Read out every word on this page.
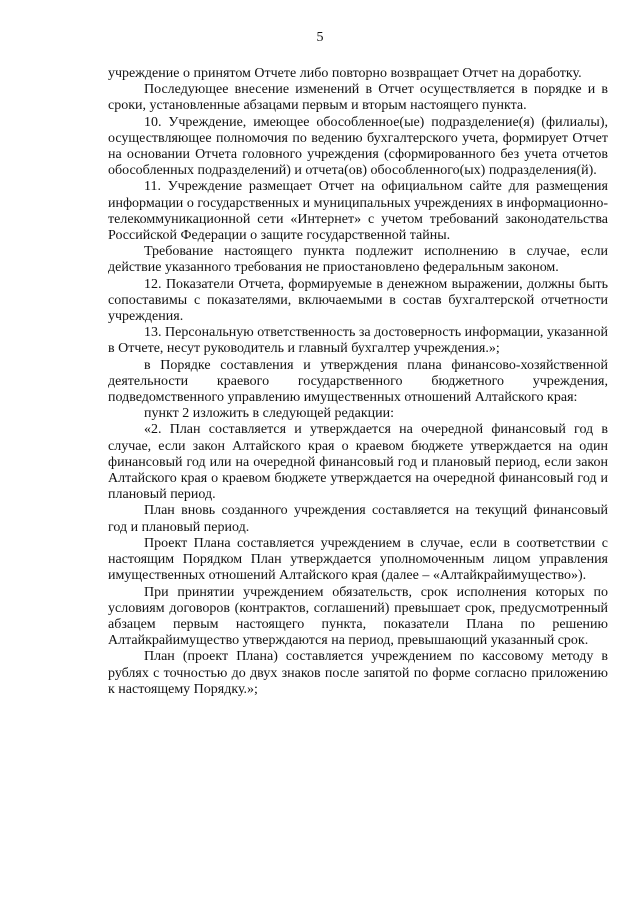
5

учреждение о принятом Отчете либо повторно возвращает Отчет на доработку.

Последующее внесение изменений в Отчет осуществляется в порядке и в сроки, установленные абзацами первым и вторым настоящего пункта.

10. Учреждение, имеющее обособленное(ые) подразделение(я) (филиалы), осуществляющее полномочия по ведению бухгалтерского учета, формирует Отчет на основании Отчета головного учреждения (сформированного без учета отчетов обособленных подразделений) и отчета(ов) обособленного(ых) подразделения(й).

11. Учреждение размещает Отчет на официальном сайте для размещения информации о государственных и муниципальных учреждениях в информационно-телекоммуникационной сети «Интернет» с учетом требований законодательства Российской Федерации о защите государственной тайны.

Требование настоящего пункта подлежит исполнению в случае, если действие указанного требования не приостановлено федеральным законом.

12. Показатели Отчета, формируемые в денежном выражении, должны быть сопоставимы с показателями, включаемыми в состав бухгалтерской отчетности учреждения.

13. Персональную ответственность за достоверность информации, указанной в Отчете, несут руководитель и главный бухгалтер учреждения.»;

в Порядке составления и утверждения плана финансово-хозяйственной деятельности краевого государственного бюджетного учреждения, подведомственного управлению имущественных отношений Алтайского края:

пункт 2 изложить в следующей редакции:

«2. План составляется и утверждается на очередной финансовый год в случае, если закон Алтайского края о краевом бюджете утверждается на один финансовый год или на очередной финансовый год и плановый период, если закон Алтайского края о краевом бюджете утверждается на очередной финансовый год и плановый период.

План вновь созданного учреждения составляется на текущий финансовый год и плановый период.

Проект Плана составляется учреждением в случае, если в соответствии с настоящим Порядком План утверждается уполномоченным лицом управления имущественных отношений Алтайского края (далее – «Алтайкрайимущество»).

При принятии учреждением обязательств, срок исполнения которых по условиям договоров (контрактов, соглашений) превышает срок, предусмотренный абзацем первым настоящего пункта, показатели Плана по решению Алтайкрайимущество утверждаются на период, превышающий указанный срок.

План (проект Плана) составляется учреждением по кассовому методу в рублях с точностью до двух знаков после запятой по форме согласно приложению к настоящему Порядку.»;
